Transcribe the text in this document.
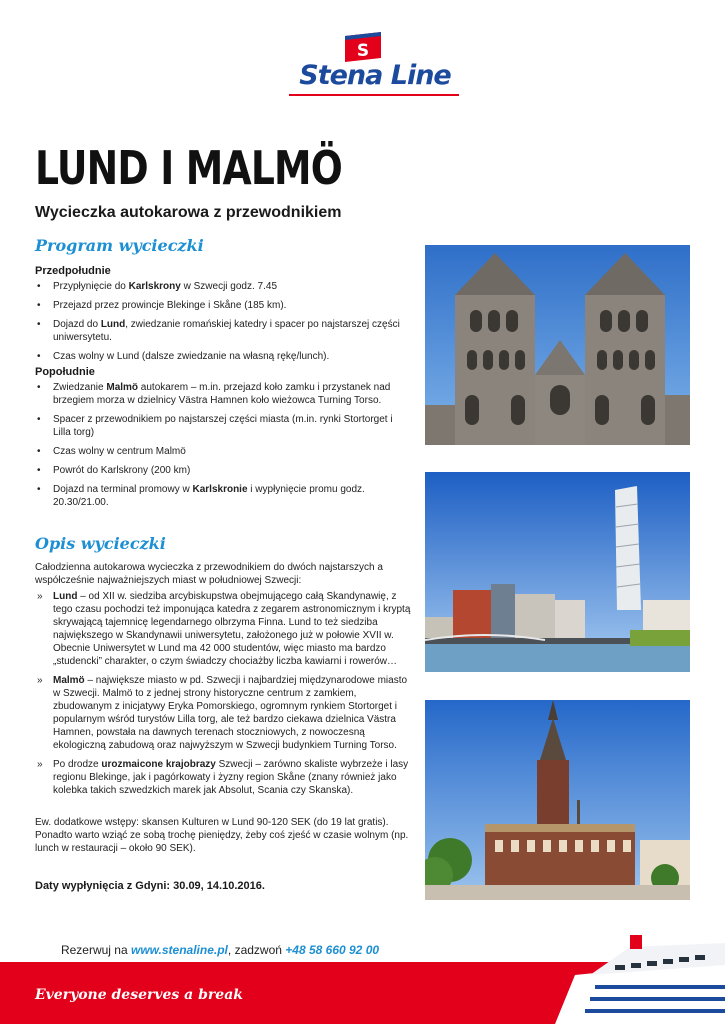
S
Stena Line
LUND I MALMÖ
Wycieczka autokarowa z przewodnikiem
Program wycieczki
Przedpołudnie
• Przypłynięcie do Karlskrony w Szwecji godz. 7.45
• Przejazd przez prowincje Blekinge i Skåne (185 km).
• Dojazd do Lund, zwiedzanie romańskiej katedry i spacer po najstarszej części uniwersytetu.
• Czas wolny w Lund (dalsze zwiedzanie na własną rękę/lunch).
Popołudnie
• Zwiedzanie Malmö autokarem – m.in. przejazd koło zamku i przystanek nad brzegiem morza w dzielnicy Västra Hamnen koło wieżowca Turning Torso.
• Spacer z przewodnikiem po najstarszej części miasta (m.in. rynki Stortorget i Lilla torg)
• Czas wolny w centrum Malmö
• Powrót do Karlskrony (200 km)
• Dojazd na terminal promowy w Karlskronie i wypłynięcie promu godz. 20.30/21.00.
Opis wycieczki

Całodzienna autokarowa wycieczka z przewodnikiem do dwóch najstarszych a współcześnie najważniejszych miast w południowej Szwecji:

» Lund – od XII w. siedziba arcybiskupstwa obejmującego całą Skandynawię, z tego czasu pochodzi też imponująca katedra z zegarem astronomicznym i kryptą skrywającą tajemnicę legendarnego olbrzyma Finna. Lund to też siedziba największego w Skandynawii uniwersytetu, założonego już w połowie XVII w. Obecnie Uniwersytet w Lund ma 42 000 studentów, więc miasto ma bardzo „studencki” charakter, o czym świadczy chociażby liczba kawiarni i rowerów…
» Malmö – największe miasto w pd. Szwecji i najbardziej międzynarodowe miasto w Szwecji. Malmö to z jednej strony historyczne centrum z zamkiem, zbudowanym z inicjatywy Eryka Pomorskiego, ogromnym rynkiem Stortorget i popularnym wśród turystów Lilla torg, ale też bardzo ciekawa dzielnica Västra Hamnen, powstała na dawnych terenach stoczniowych, z nowoczesną ekologiczną zabudową oraz najwyższym w Szwecji budynkiem Turning Torso.
» Po drodze urozmaicone krajobrazy Szwecji – zarówno skaliste wybrzeże i lasy regionu Blekinge, jak i pagórkowaty i żyzny region Skåne (znany również jako kolebka takich szwedzkich marek jak Absolut, Scania czy Skanska).

Ew. dodatkowe wstępy: skansen Kulturen w Lund 90-120 SEK (do 19 lat gratis). Ponadto warto wziąć ze sobą trochę pieniędzy, żeby coś zjeść w czasie wolnym (np. lunch w restauracji – około 90 SEK).

Daty wypłynięcia z Gdyni: 30.09, 14.10.2016.

Rezerwuj na www.stenaline.pl, zadzwoń +48 58 660 92 00

Everyone deserves a break
